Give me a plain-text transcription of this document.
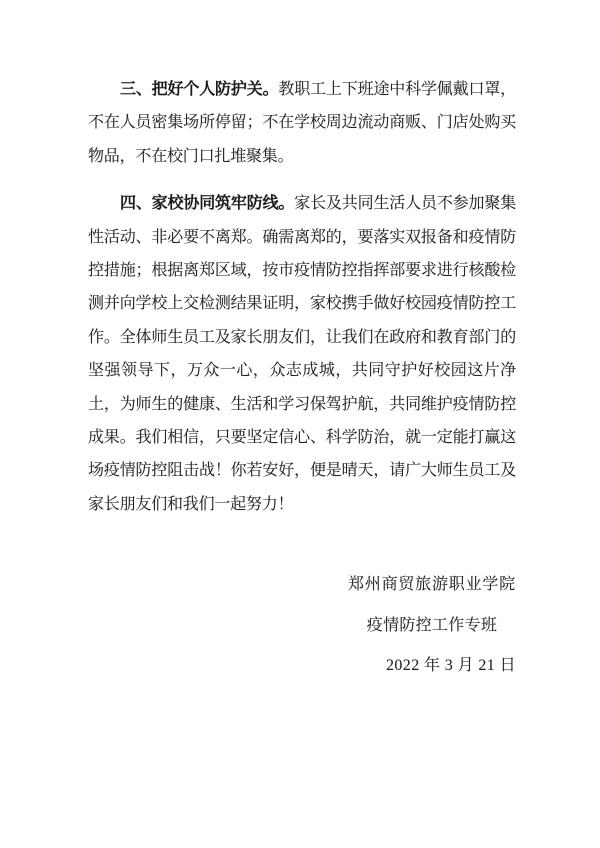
三、把好个人防护关。教职工上下班途中科学佩戴口罩，不在人员密集场所停留；不在学校周边流动商贩、门店处购买物品，不在校门口扎堆聚集。

四、家校协同筑牢防线。家长及共同生活人员不参加聚集性活动、非必要不离郑。确需离郑的，要落实双报备和疫情防控措施；根据离郑区域，按市疫情防控指挥部要求进行核酸检测并向学校上交检测结果证明，家校携手做好校园疫情防控工作。全体师生员工及家长朋友们，让我们在政府和教育部门的坚强领导下，万众一心，众志成城，共同守护好校园这片净土，为师生的健康、生活和学习保驾护航，共同维护疫情防控成果。我们相信，只要坚定信心、科学防治，就一定能打赢这场疫情防控阻击战！你若安好，便是晴天，请广大师生员工及家长朋友们和我们一起努力！

郑州商贸旅游职业学院
疫情防控工作专班
2022 年 3 月 21 日
